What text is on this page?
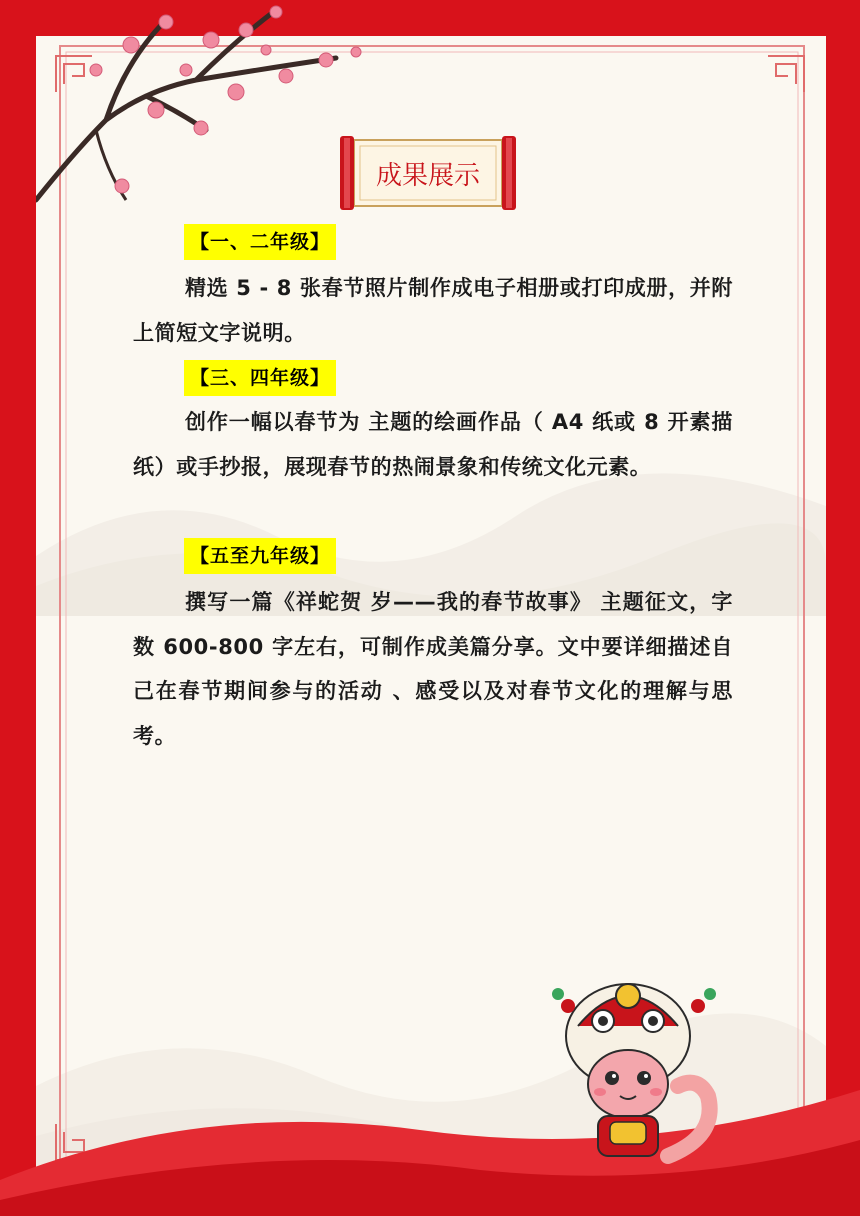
成果展示
【一、二年级】

精选 5 - 8 张春节照片制作成电子相册或打印成册，并附上简短文字说明。

【三、四年级】

创作一幅以春节为 主题的绘画作品（ A4 纸或 8 开素描纸）或手抄报，展现春节的热闹景象和传统文化元素。

【五至九年级】

撰写一篇《祥蛇贺 岁——我的春节故事》 主题征文，字数 600-800 字左右，可制作成美篇分享。文中要详细描述自己在春节期间参与的活动 、感受以及对春节文化的理解与思考。
